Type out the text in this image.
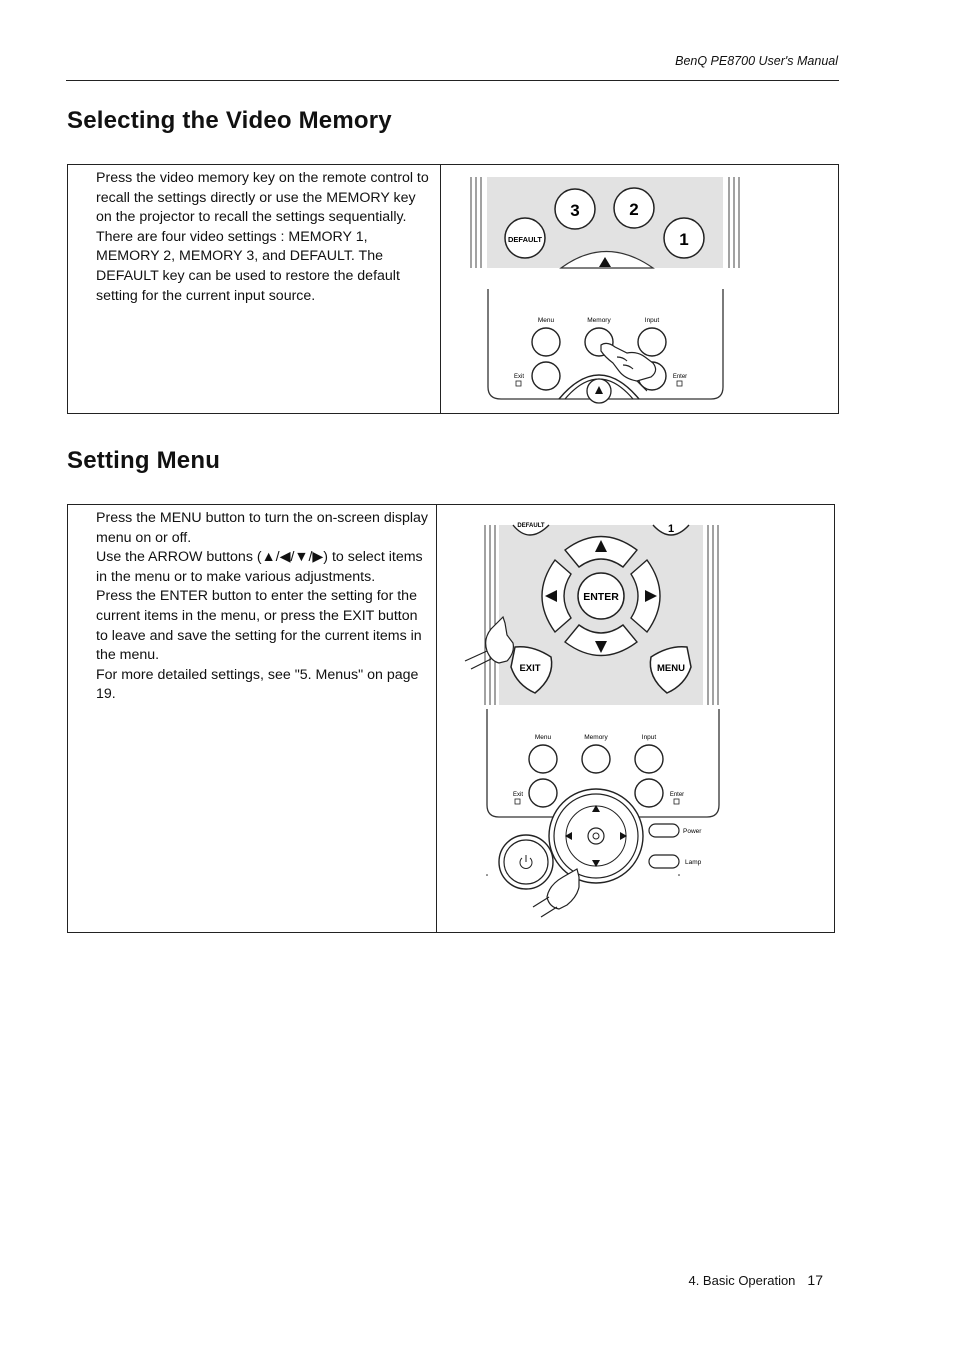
BenQ PE8700 User's Manual
Selecting the Video Memory

Press the video memory key on the remote control to recall the settings directly or use the MEMORY key on the projector to recall the settings sequentially.

There are four video settings : MEMORY 1, MEMORY 2, MEMORY 3, and DEFAULT. The DEFAULT key can be used to restore the default setting for the current input source.

3	2
1
DEFAULT
Menu	Memory	Input
Exit	Enter
Setting Menu

Press the MENU button to turn the on-screen display menu on or off.

Use the ARROW buttons (▲/◀/▼/▶) to select items in the menu or to make various adjustments.

Press the ENTER button to enter the setting for the current items in the menu, or press the EXIT button to leave and save the setting for the current items in the menu.

For more detailed settings, see "5. Menus" on page 19.

DEFAULT	1
ENTER
EXIT	MENU
Menu	Memory	Input
Exit	Enter
Power
Lamp
4. Basic Operation 17
